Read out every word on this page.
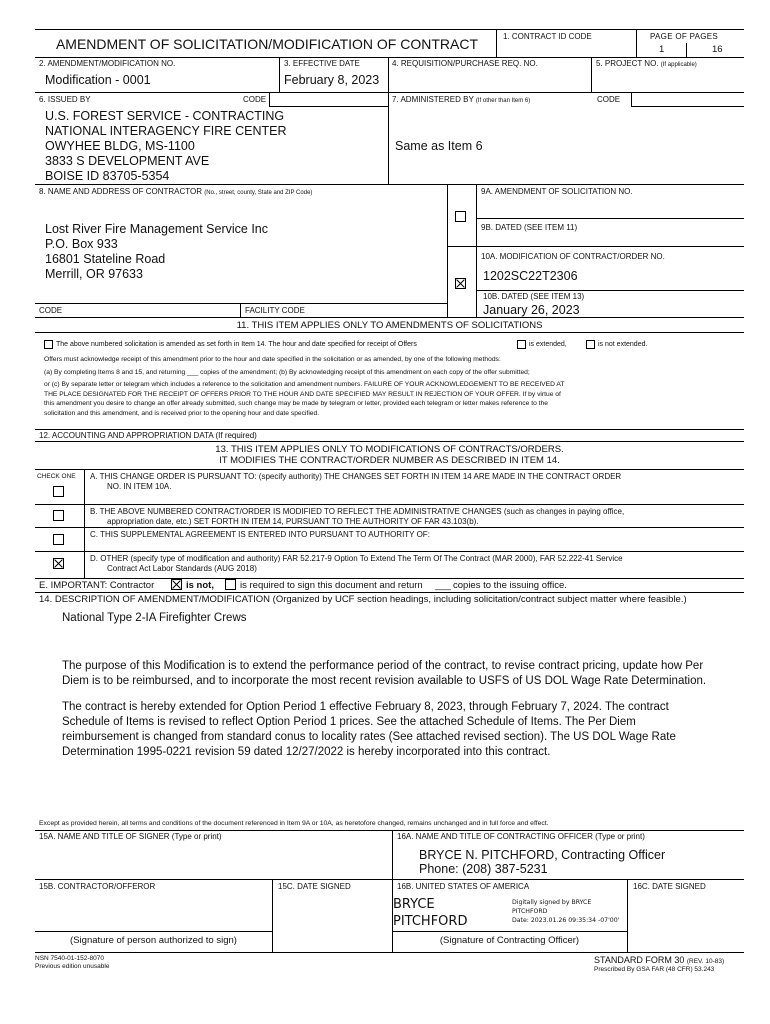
AMENDMENT OF SOLICITATION/MODIFICATION OF CONTRACT	1. CONTRACT ID CODE	PAGE OF PAGES
1	16
2. AMENDMENT/MODIFICATION NO.
Modification - 0001
3. EFFECTIVE DATE
February 8, 2023
4. REQUISITION/PURCHASE REQ. NO.	5. PROJECT NO. (If applicable)
6. ISSUED BY	CODE
U.S. FOREST SERVICE - CONTRACTING
NATIONAL INTERAGENCY FIRE CENTER
OWYHEE BLDG, MS-1100
3833 S DEVELOPMENT AVE
BOISE ID 83705-5354
7. ADMINISTERED BY (If other than Item 6)	CODE
Same as Item 6
8. NAME AND ADDRESS OF CONTRACTOR (No., street, county, State and ZIP Code)
Lost River Fire Management Service Inc
P.O. Box 933
16801 Stateline Road
Merrill, OR 97633
9A. AMENDMENT OF SOLICITATION NO.
9B. DATED (SEE ITEM 11)
10A. MODIFICATION OF CONTRACT/ORDER NO.
1202SC22T2306
10B. DATED (SEE ITEM 13)
January 26, 2023
CODE	FACILITY CODE
11. THIS ITEM APPLIES ONLY TO AMENDMENTS OF SOLICITATIONS
The above numbered solicitation is amended as set forth in Item 14. The hour and date specified for receipt of Offers	is extended,	is not extended.
Offers must acknowledge receipt of this amendment prior to the hour and date specified in the solicitation or as amended, by one of the following methods:
(a) By completing Items 8 and 15, and returning ___ copies of the amendment; (b) By acknowledging receipt of this amendment on each copy of the offer submitted;
or (c) By separate letter or telegram which includes a reference to the solicitation and amendment numbers. FAILURE OF YOUR ACKNOWLEDGEMENT TO BE RECEIVED AT
THE PLACE DESIGNATED FOR THE RECEIPT OF OFFERS PRIOR TO THE HOUR AND DATE SPECIFIED MAY RESULT IN REJECTION OF YOUR OFFER. If by virtue of
this amendment you desire to change an offer already submitted, such change may be made by telegram or letter, provided each telegram or letter makes reference to the
solicitation and this amendment, and is received prior to the opening hour and date specified.
12. ACCOUNTING AND APPROPRIATION DATA (If required)
13. THIS ITEM APPLIES ONLY TO MODIFICATIONS OF CONTRACTS/ORDERS.
IT MODIFIES THE CONTRACT/ORDER NUMBER AS DESCRIBED IN ITEM 14.
CHECK ONE A. THIS CHANGE ORDER IS PURSUANT TO: (specify authority) THE CHANGES SET FORTH IN ITEM 14 ARE MADE IN THE CONTRACT ORDER
NO. IN ITEM 10A.
B. THE ABOVE NUMBERED CONTRACT/ORDER IS MODIFIED TO REFLECT THE ADMINISTRATIVE CHANGES (such as changes in paying office,
appropriation date, etc.) SET FORTH IN ITEM 14, PURSUANT TO THE AUTHORITY OF FAR 43.103(b).
C. THIS SUPPLEMENTAL AGREEMENT IS ENTERED INTO PURSUANT TO AUTHORITY OF:
D. OTHER (specify type of modification and authority) FAR 52.217-9 Option To Extend The Term Of The Contract (MAR 2000), FAR 52.222-41 Service
Contract Act Labor Standards (AUG 2018)
E. IMPORTANT: Contractor	is not,	is required to sign this document and return ___ copies to the issuing office.
14. DESCRIPTION OF AMENDMENT/MODIFICATION (Organized by UCF section headings, including solicitation/contract subject matter where feasible.)
National Type 2-IA Firefighter Crews
The purpose of this Modification is to extend the performance period of the contract, to revise contract pricing, update how Per
Diem is to be reimbursed, and to incorporate the most recent revision available to USFS of US DOL Wage Rate Determination.
The contract is hereby extended for Option Period 1 effective February 8, 2023, through February 7, 2024. The contract
Schedule of Items is revised to reflect Option Period 1 prices. See the attached Schedule of Items. The Per Diem
reimbursement is changed from standard conus to locality rates (See attached revised section). The US DOL Wage Rate
Determination 1995-0221 revision 59 dated 12/27/2022 is hereby incorporated into this contract.
Except as provided herein, all terms and conditions of the document referenced in Item 9A or 10A, as heretofore changed, remains unchanged and in full force and effect.
15A. NAME AND TITLE OF SIGNER (Type or print)	16A. NAME AND TITLE OF CONTRACTING OFFICER (Type or print)
BRYCE N. PITCHFORD, Contracting Officer
Phone: (208) 387-5231
15B. CONTRACTOR/OFFEROR	15C. DATE SIGNED	16B. UNITED STATES OF AMERICA	16C. DATE SIGNED
BRYCE
PITCHFORD
Digitally signed by BRYCE
PITCHFORD
Date: 2023.01.26 09:35:34 -07'00'
(Signature of person authorized to sign)	(Signature of Contracting Officer)
NSN 7540-01-152-8070
Previous edition unusable
STANDARD FORM 30 (REV. 10-83)
Prescribed By GSA FAR (48 CFR) 53.243
